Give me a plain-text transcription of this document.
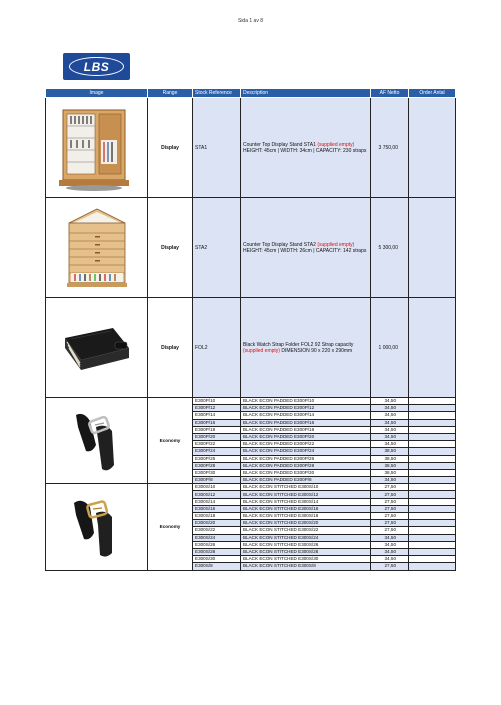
Sida 1 av 8
LBS
Image	Range	Stock Reference	Description	AF Netto	Order Antal

	Display	STA1	Counter Top Display Stand STA1 (supplied empty)
HEIGHT: 45cm | WIDTH: 34cm | CAPACITY: 230 straps	3 750,00	

	Display	STA2	Counter Top Display Stand STA2 (supplied empty)
HEIGHT: 45cm | WIDTH: 26cm | CAPACITY: 142 straps	5 300,00	

	Display	FOL2	Black Watch Strap Folder FOL2 92 Strap capacity
(supplied empty) DIMENSION 90 x 220 x 290mm	1 000,00	

	Economy	E300P/10	BLACK ECON PADDED E300P/10	34,50	
		E300P/12	BLACK ECON PADDED E300P/12	34,50	
		E300P/14	BLACK ECON PADDED E300P/14	34,50	
		E300P/16	BLACK ECON PADDED E300P/16	34,50	
		E300P/18	BLACK ECON PADDED E300P/18	34,50	
		E300P/20	BLACK ECON PADDED E300P/20	34,50	
		E300P/22	BLACK ECON PADDED E300P/22	34,50	
		E300P/24	BLACK ECON PADDED E300P/24	38,50	
		E300P/26	BLACK ECON PADDED E300P/26	38,50	
		E300P/28	BLACK ECON PADDED E300P/28	38,50	
		E300P/30	BLACK ECON PADDED E300P/30	38,50	
		E300P/8	BLACK ECON PADDED E300P/8	34,50	

	Economy	E300S/10	BLACK ECON STITCHED E300S/10	27,50	
		E300S/12	BLACK ECON STITCHED E300S/12	27,50	
		E300S/14	BLACK ECON STITCHED E300S/14	27,50	
		E300S/16	BLACK ECON STITCHED E300S/16	27,50	
		E300S/18	BLACK ECON STITCHED E300S/18	27,50	
		E300S/20	BLACK ECON STITCHED E300S/20	27,50	
		E300S/22	BLACK ECON STITCHED E300S/22	27,50	
		E300S/24	BLACK ECON STITCHED E300S/24	34,50	
		E300S/26	BLACK ECON STITCHED E300S/26	34,50	
		E300S/28	BLACK ECON STITCHED E300S/28	34,50	
		E300S/30	BLACK ECON STITCHED E300S/30	34,50	
		E300S/8	BLACK ECON STITCHED E300S/8	27,50	
